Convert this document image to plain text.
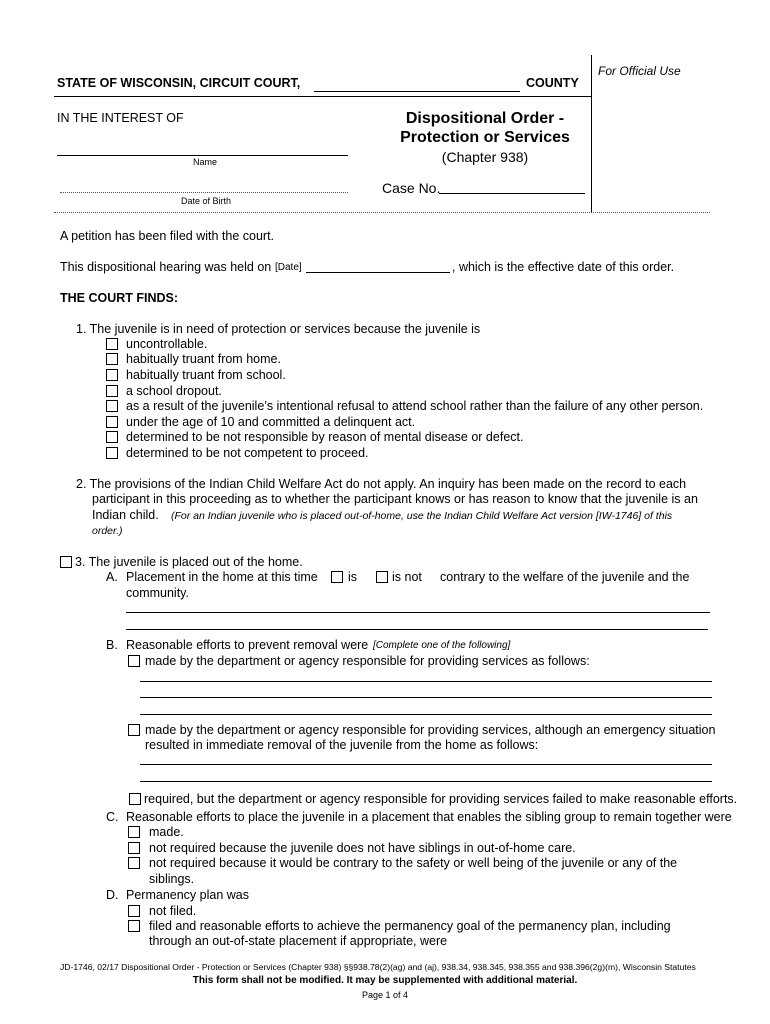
For Official Use
STATE OF WISCONSIN, CIRCUIT COURT,	COUNTY
IN THE INTEREST OF
Name
Date of Birth
Dispositional Order -
Protection or Services
(Chapter 938)
Case No.
A petition has been filed with the court.
This dispositional hearing was held on [Date]	, which is the effective date of this order.
THE COURT FINDS:
1. The juvenile is in need of protection or services because the juvenile is
uncontrollable.
habitually truant from home.
habitually truant from school.
a school dropout.
as a result of the juvenile’s intentional refusal to attend school rather than the failure of any other person.
under the age of 10 and committed a delinquent act.
determined to be not responsible by reason of mental disease or defect.
determined to be not competent to proceed.
2. The provisions of the Indian Child Welfare Act do not apply. An inquiry has been made on the record to each
participant in this proceeding as to whether the participant knows or has reason to know that the juvenile is an
Indian child. (For an Indian juvenile who is placed out-of-home, use the Indian Child Welfare Act version [IW-1746] of this
order.)
3. The juvenile is placed out of the home.
A. Placement in the home at this time is	is not contrary to the welfare of the juvenile and the
community.
B. Reasonable efforts to prevent removal were [Complete one of the following]
made by the department or agency responsible for providing services as follows:
made by the department or agency responsible for providing services, although an emergency situation
resulted in immediate removal of the juvenile from the home as follows:
required, but the department or agency responsible for providing services failed to make reasonable efforts.
C. Reasonable efforts to place the juvenile in a placement that enables the sibling group to remain together were
made.
not required because the juvenile does not have siblings in out-of-home care.
not required because it would be contrary to the safety or well being of the juvenile or any of the
siblings.
D. Permanency plan was
not filed.
filed and reasonable efforts to achieve the permanency goal of the permanency plan, including
through an out-of-state placement if appropriate, were
JD-1746, 02/17 Dispositional Order - Protection or Services (Chapter 938) §§938.78(2)(ag) and (aj), 938.34, 938.345, 938.355 and 938.396(2g)(m), Wisconsin Statutes
This form shall not be modified. It may be supplemented with additional material.
Page 1 of 4
